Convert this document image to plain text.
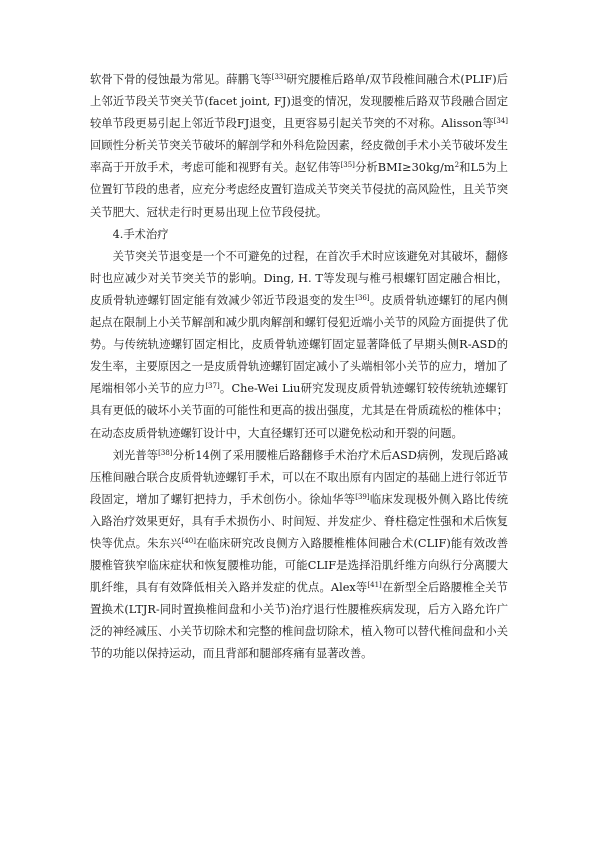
软骨下骨的侵蚀最为常见。薛鹏飞等[33]研究腰椎后路单/双节段椎间融合术(PLIF)后上邻近节段关节突关节(facet joint, FJ)退变的情况，发现腰椎后路双节段融合固定较单节段更易引起上邻近节段FJ退变，且更容易引起关节突的不对称。Alisson等[34]回顾性分析关节突关节破坏的解剖学和外科危险因素，经皮微创手术小关节破坏发生率高于开放手术，考虑可能和视野有关。赵钇伟等[35]分析$BMI\ge 30kg/m^2$和L5为上位置钉节段的患者，应充分考虑经皮置钉造成关节突关节侵扰的高风险性，且关节突关节肥大、冠状走行时更易出现上位节段侵扰。

4.手术治疗

关节突关节退变是一个不可避免的过程，在首次手术时应该避免对其破坏，翻修时也应减少对关节突关节的影响。Ding, H. T等发现与椎弓根螺钉固定融合相比，皮质骨轨迹螺钉固定能有效减少邻近节段退变的发生[36]。皮质骨轨迹螺钉的尾内侧起点在限制上小关节解剖和减少肌肉解剖和螺钉侵犯近端小关节的风险方面提供了优势。与传统轨迹螺钉固定相比，皮质骨轨迹螺钉固定显著降低了早期头侧R-ASD的发生率，主要原因之一是皮质骨轨迹螺钉固定减小了头端相邻小关节的应力，增加了尾端相邻小关节的应力[37]。Che-Wei Liu研究发现皮质骨轨迹螺钉较传统轨迹螺钉具有更低的破坏小关节面的可能性和更高的拔出强度，尤其是在骨质疏松的椎体中；在动态皮质骨轨迹螺钉设计中，大直径螺钉还可以避免松动和开裂的问题。

刘光普等[38]分析14例了采用腰椎后路翻修手术治疗术后ASD病例，发现后路减压椎间融合联合皮质骨轨迹螺钉手术，可以在不取出原有内固定的基础上进行邻近节段固定，增加了螺钉把持力，手术创伤小。徐灿华等[39]临床发现极外侧入路比传统入路治疗效果更好，具有手术损伤小、时间短、并发症少、脊柱稳定性强和术后恢复快等优点。朱东兴[40]在临床研究改良侧方入路腰椎椎体间融合术(CLIF)能有效改善腰椎管狭窄临床症状和恢复腰椎功能，可能CLIF是选择沿肌纤维方向纵行分离腰大肌纤维，具有有效降低相关入路并发症的优点。Alex等[41]在新型全后路腰椎全关节置换术(LTJR-同时置换椎间盘和小关节)治疗退行性腰椎疾病发现，后方入路允许广泛的神经减压、小关节切除术和完整的椎间盘切除术，植入物可以替代椎间盘和小关节的功能以保持运动，而且背部和腿部疼痛有显著改善。
